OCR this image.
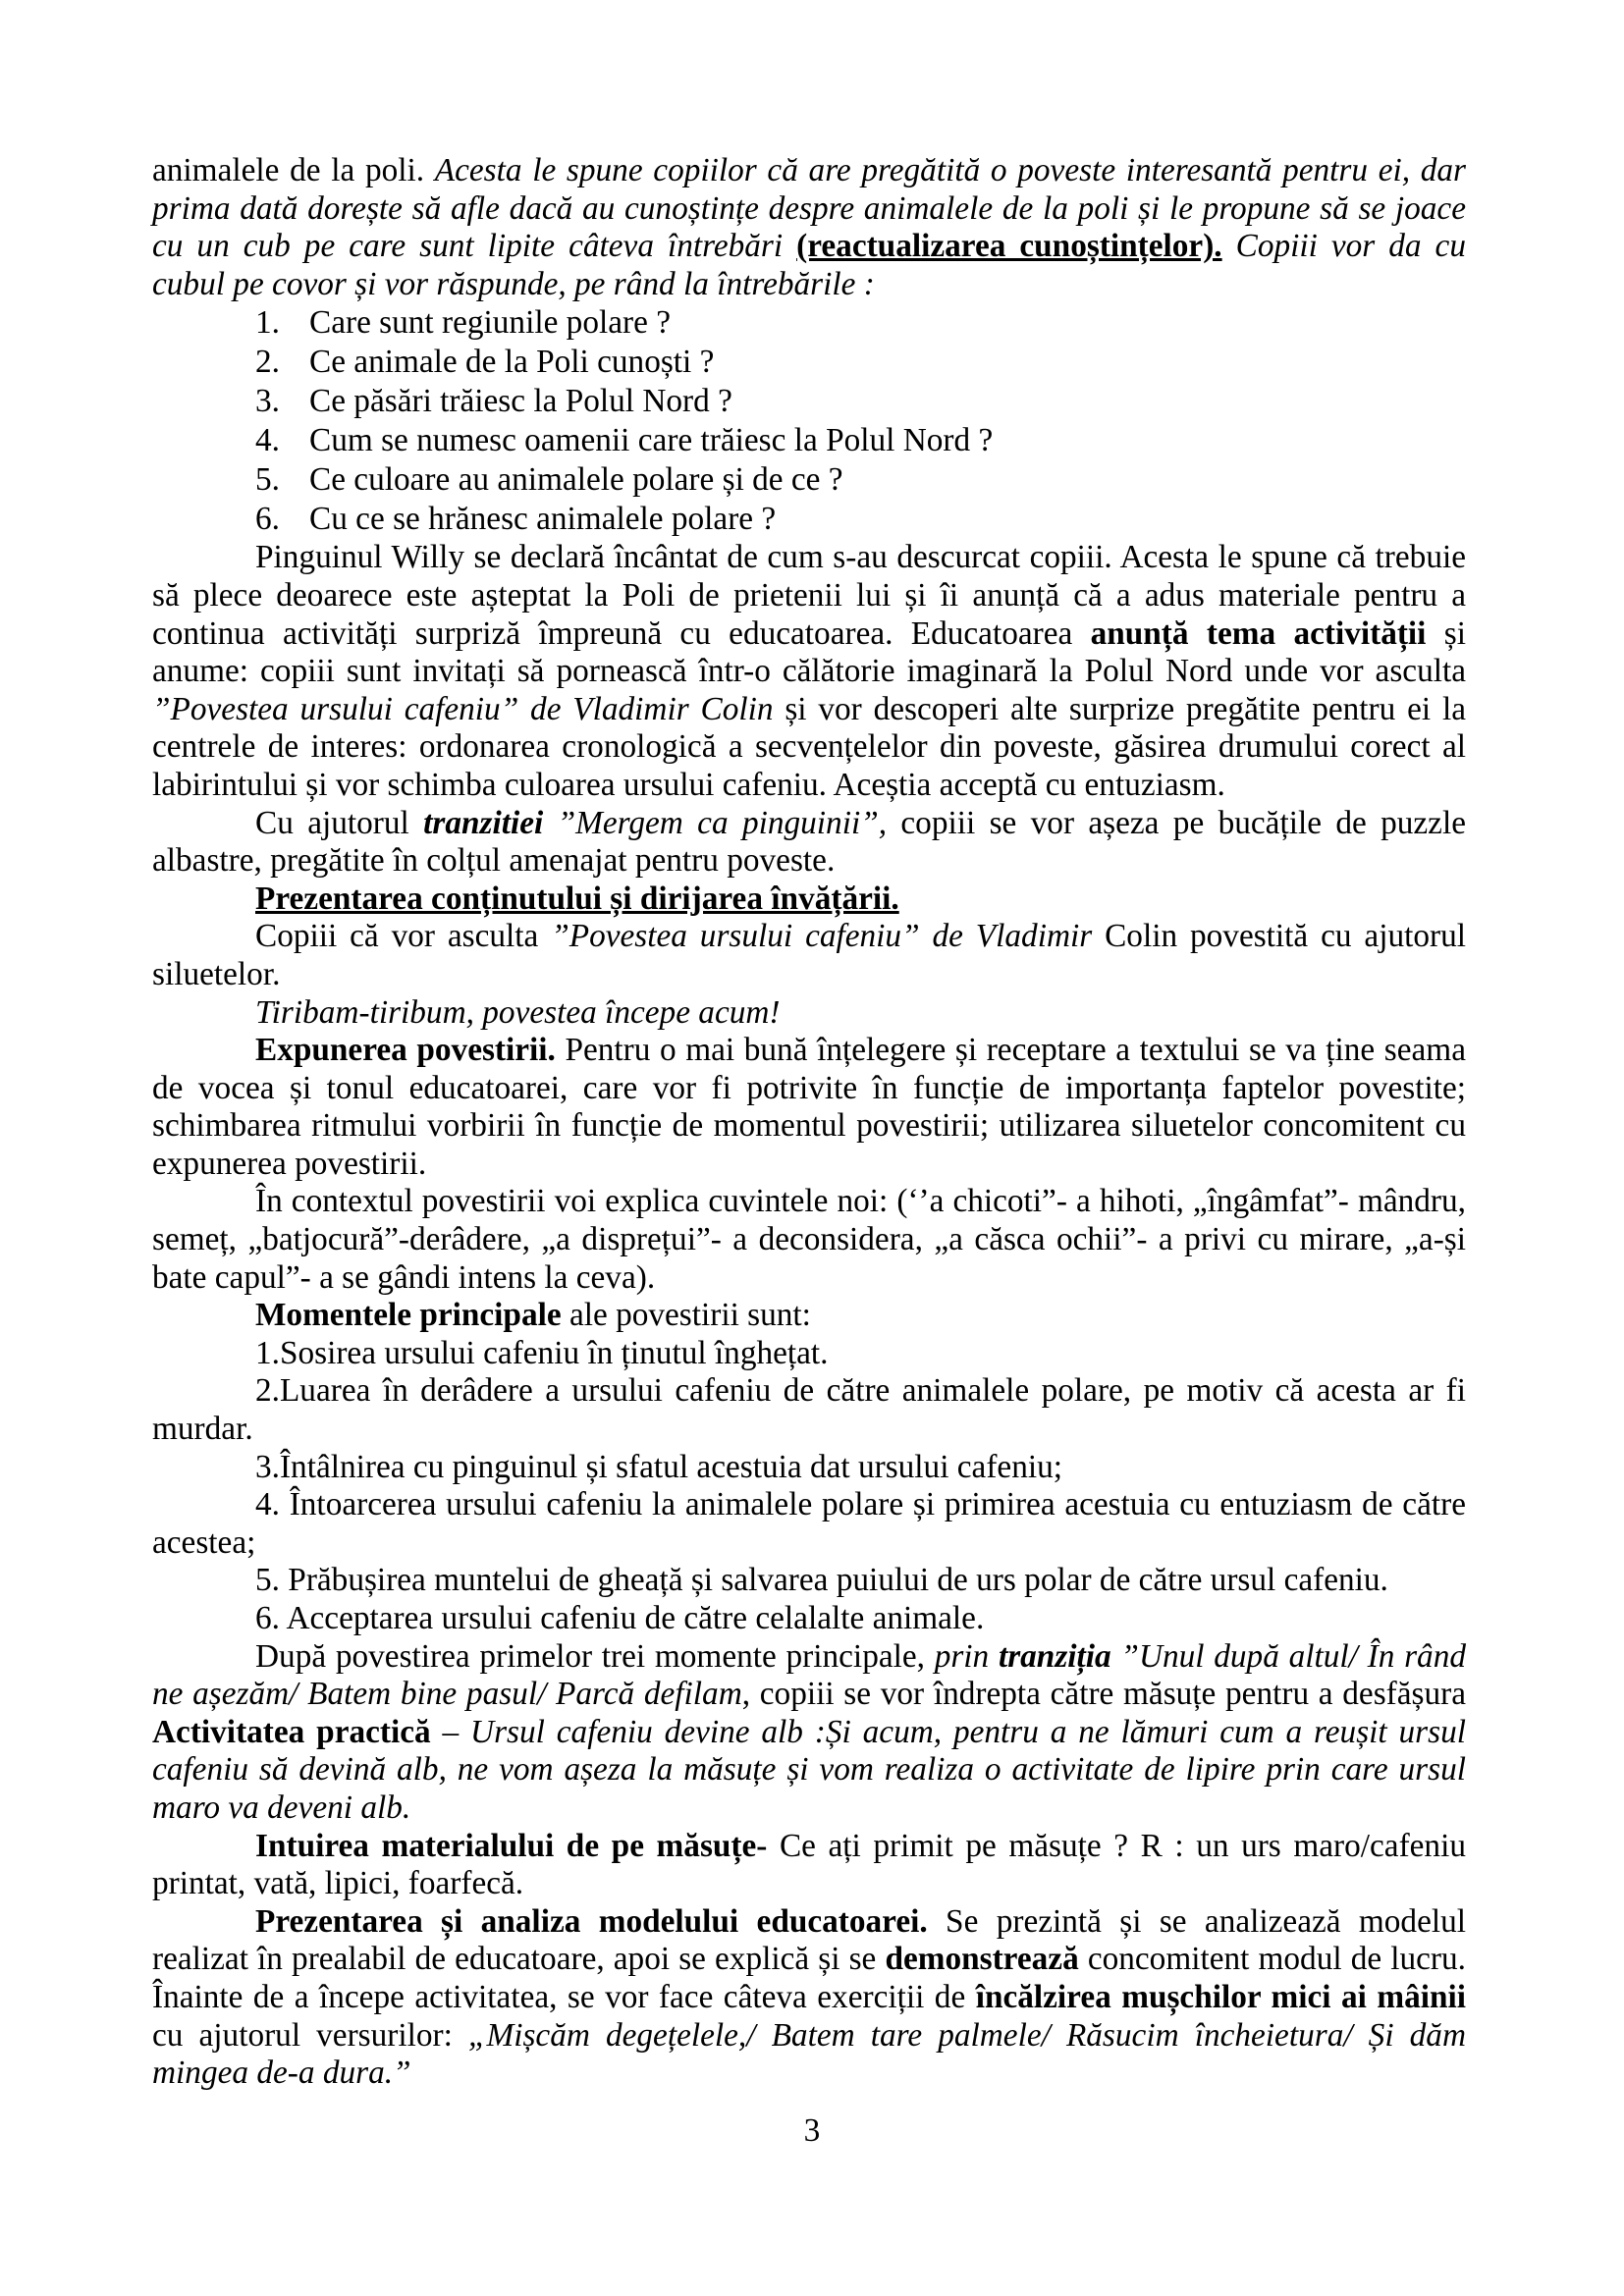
animalele de la poli. Acesta le spune copiilor că are pregătită o poveste interesantă pentru ei, dar prima dată dorește să afle dacă au cunoștințe despre animalele de la poli și le propune să se joace cu un cub pe care sunt lipite câteva întrebări (reactualizarea cunoștințelor). Copiii vor da cu cubul pe covor și vor răspunde, pe rând la întrebările :

1. Care sunt regiunile polare ?

2. Ce animale de la Poli cunoști ?

3. Ce păsări trăiesc la Polul Nord ?

4. Cum se numesc oamenii care trăiesc la Polul Nord ?

5. Ce culoare au animalele polare și de ce ?

6. Cu ce se hrănesc animalele polare ?

Pinguinul Willy se declară încântat de cum s-au descurcat copiii. Acesta le spune că trebuie să plece deoarece este așteptat la Poli de prietenii lui și îi anunță că a adus materiale pentru a continua activități surpriză împreună cu educatoarea. Educatoarea anunță tema activității și anume: copiii sunt invitați să pornească într-o călătorie imaginară la Polul Nord unde vor asculta ”Povestea ursului cafeniu” de Vladimir Colin și vor descoperi alte surprize pregătite pentru ei la centrele de interes: ordonarea cronologică a secvențelelor din poveste, găsirea drumului corect al labirintului și vor schimba culoarea ursului cafeniu. Aceștia acceptă cu entuziasm.

Cu ajutorul tranzitiei ”Mergem ca pinguinii”, copiii se vor așeza pe bucățile de puzzle albastre, pregătite în colțul amenajat pentru poveste.

Prezentarea conținutului și dirijarea învățării.

Copiii că vor asculta ”Povestea ursului cafeniu” de Vladimir Colin povestită cu ajutorul siluetelor.

Tiribam-tiribum, povestea începe acum!

Expunerea povestirii. Pentru o mai bună înțelegere și receptare a textului se va ține seama de vocea și tonul educatoarei, care vor fi potrivite în funcție de importanța faptelor povestite; schimbarea ritmului vorbirii în funcție de momentul povestirii; utilizarea siluetelor concomitent cu expunerea povestirii.

În contextul povestirii voi explica cuvintele noi: (‘’a chicoti”- a hihoti, „îngâmfat”- mândru, semeț, „batjocură”-derâdere, „a disprețui”- a deconsidera, „a căsca ochii”- a privi cu mirare, „a-și bate capul”- a se gândi intens la ceva).

Momentele principale ale povestirii sunt:

1.Sosirea ursului cafeniu în ținutul înghețat.

2.Luarea în derâdere a ursului cafeniu de către animalele polare, pe motiv că acesta ar fi murdar.

3.Întâlnirea cu pinguinul și sfatul acestuia dat ursului cafeniu;

4. Întoarcerea ursului cafeniu la animalele polare și primirea acestuia cu entuziasm de către acestea;

5. Prăbușirea muntelui de gheață și salvarea puiului de urs polar de către ursul cafeniu.

6. Acceptarea ursului cafeniu de către celalalte animale.

După povestirea primelor trei momente principale, prin tranziția ”Unul după altul/ În rând ne așezăm/ Batem bine pasul/ Parcă defilam, copiii se vor îndrepta către măsuțe pentru a desfășura Activitatea practică – Ursul cafeniu devine alb :Și acum, pentru a ne lămuri cum a reușit ursul cafeniu să devină alb, ne vom așeza la măsuțe și vom realiza o activitate de lipire prin care ursul maro va deveni alb.

Intuirea materialului de pe măsuțe- Ce ați primit pe măsuțe ? R : un urs maro/cafeniu printat, vată, lipici, foarfecă.

Prezentarea și analiza modelului educatoarei. Se prezintă și se analizează modelul realizat în prealabil de educatoare, apoi se explică și se demonstrează concomitent modul de lucru. Înainte de a începe activitatea, se vor face câteva exerciții de încălzirea mușchilor mici ai mâinii cu ajutorul versurilor: „Mișcăm degețelele,/ Batem tare palmele/ Răsucim încheietura/ Și dăm mingea de-a dura.”

3
